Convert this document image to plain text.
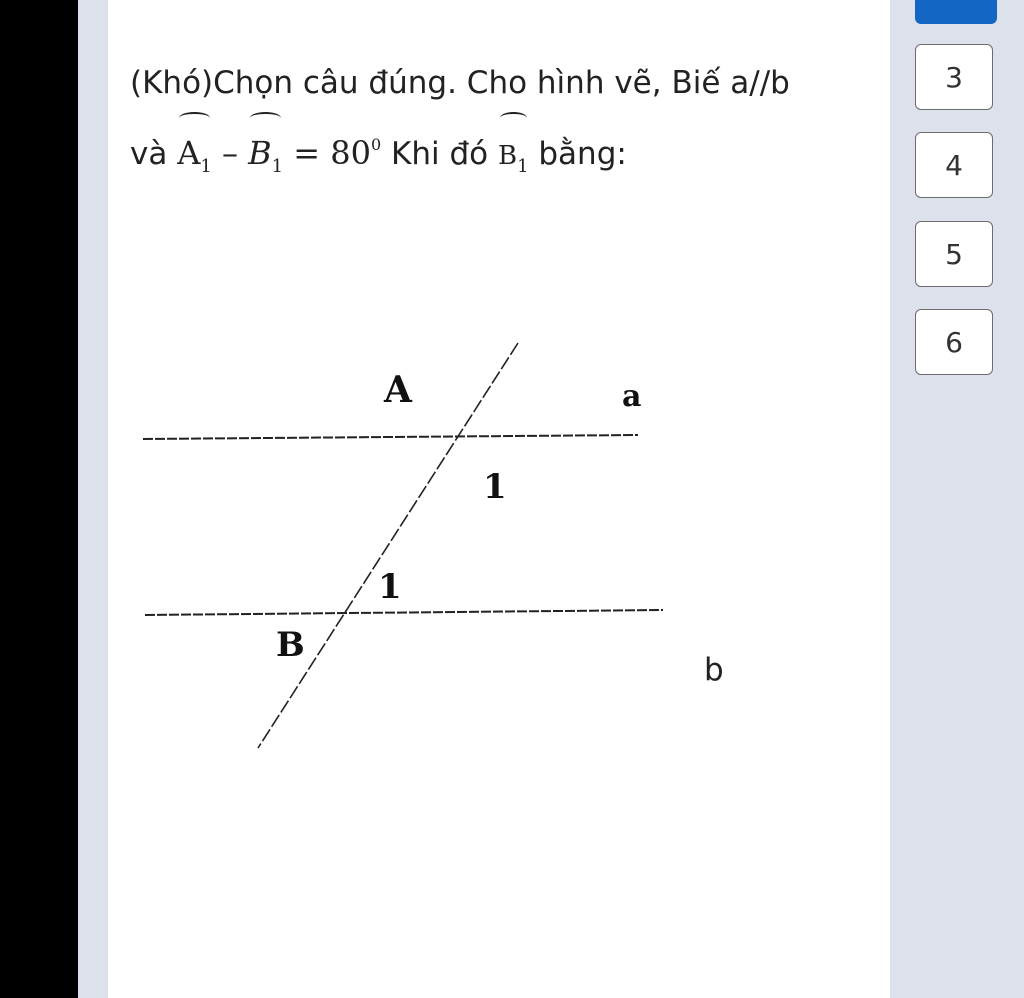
(Khó)Chọn câu đúng. Cho hình vẽ, Biế a//b
và $A_1 - B_1 = 80^0$ Khi đó $B_1$ bằng:
A	a
1
1
B
b
3
4
5
6
